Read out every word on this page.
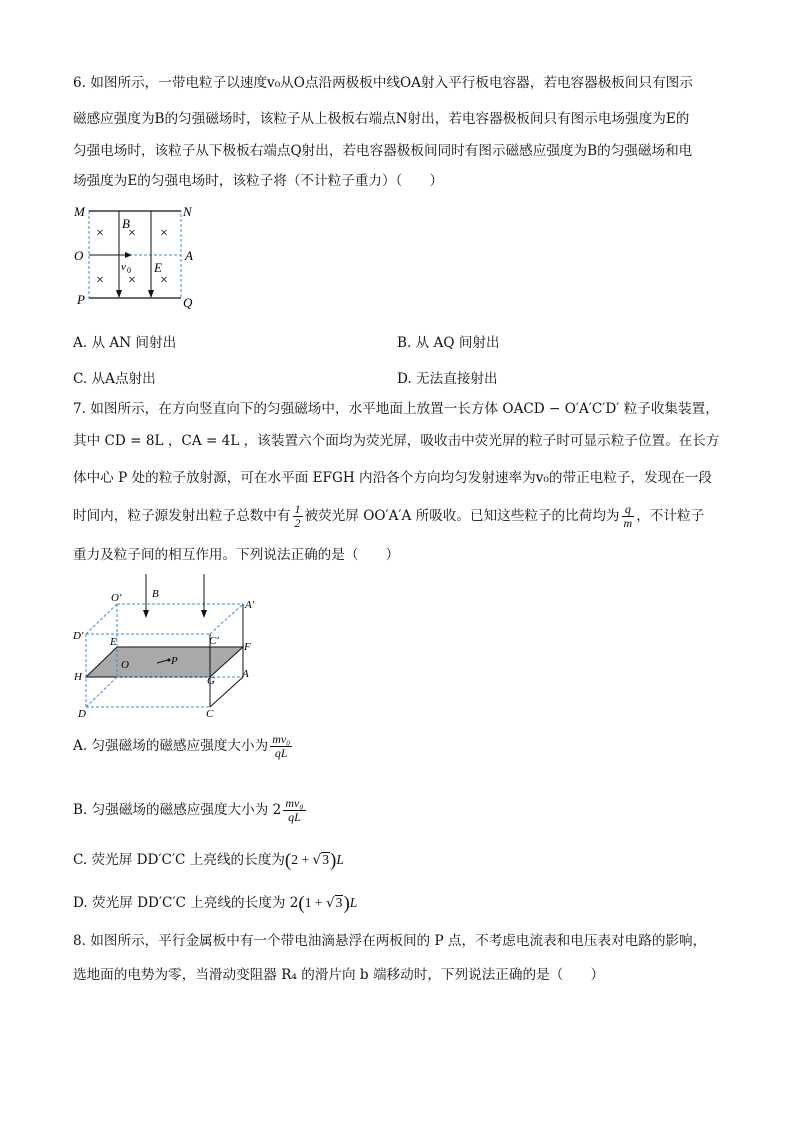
6. 如图所示，一带电粒子以速度v₀从O点沿两极板中线OA射入平行板电容器，若电容器极板间只有图示
磁感应强度为B的匀强磁场时，该粒子从上极板右端点N射出，若电容器极板间只有图示电场强度为E的
匀强电场时，该粒子从下极板右端点Q射出，若电容器极板间同时有图示磁感应强度为B的匀强磁场和电
场强度为E的匀强电场时，该粒子将（不计粒子重力）（　　）
× × ×
× × ×
M	N
O	A
P	Q
B
E
v 0
A. 从 AN 间射出	B. 从 AQ 间射出
C. 从A点射出	D. 无法直接射出
7. 如图所示，在方向竖直向下的匀强磁场中，水平地面上放置一长方体 OACD − O′A′C′D′ 粒子收集装置，
其中 CD = 8L ，CA = 4L ，该装置六个面均为荧光屏，吸收击中荧光屏的粒子时可显示粒子位置。在长方
体中心 P 处的粒子放射源，可在水平面 EFGH 内沿各个方向均匀发射速率为v₀的带正电粒子，发现在一段
时间内，粒子源发射出粒子总数中有 $\frac{1}{2}$ 被荧光屏 OO′A′A 所吸收。已知这些粒子的比荷均为 $\frac{q}{m}$ ，不计粒子
重力及粒子间的相互作用。下列说法正确的是（　　）
O′
A′
D′	C′
B
E	F
G
H
O
A
C
D
P
A. 匀强磁场的磁感应强度大小为 $\frac{\text{mv₀}}{qL}$
B. 匀强磁场的磁感应强度大小为 $2 \frac{\text{mv₀}}{qL}$
C. 荧光屏 DD′C′C 上亮线的长度为(2 + √3)L
D. 荧光屏 DD′C′C 上亮线的长度为 2(1 + √3)L
8. 如图所示，平行金属板中有一个带电油滴悬浮在两板间的 P 点，不考虑电流表和电压表对电路的影响，
选地面的电势为零，当滑动变阻器 R₄ 的滑片向 b 端移动时，下列说法正确的是（　　）
